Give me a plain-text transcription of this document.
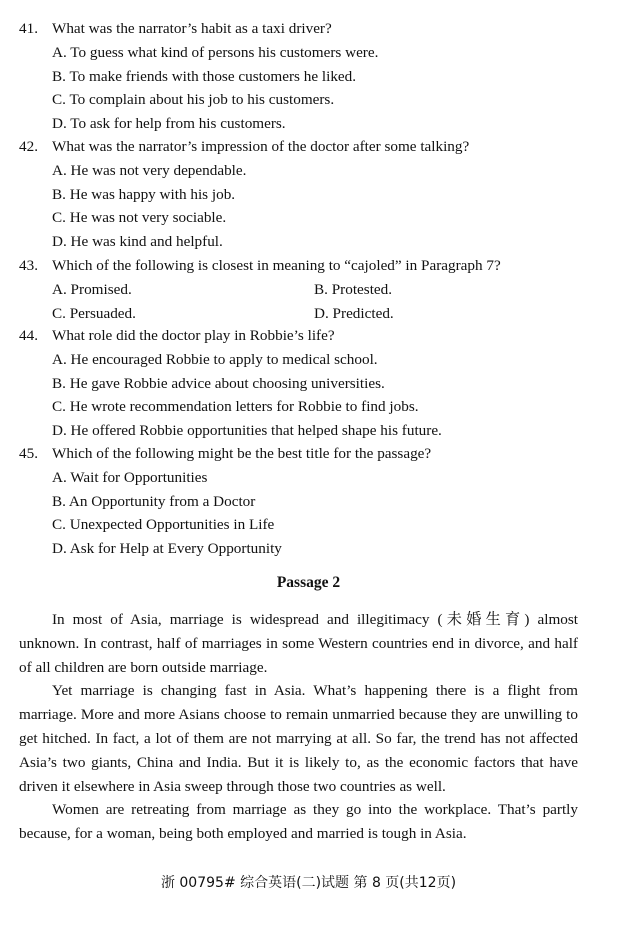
41. What was the narrator’s habit as a taxi driver?
A. To guess what kind of persons his customers were.
B. To make friends with those customers he liked.
C. To complain about his job to his customers.
D. To ask for help from his customers.
42. What was the narrator’s impression of the doctor after some talking?
A. He was not very dependable.
B. He was happy with his job.
C. He was not very sociable.
D. He was kind and helpful.
43. Which of the following is closest in meaning to “cajoled” in Paragraph 7?
A. Promised.	B. Protested.
C. Persuaded.	D. Predicted.
44. What role did the doctor play in Robbie’s life?
A. He encouraged Robbie to apply to medical school.
B. He gave Robbie advice about choosing universities.
C. He wrote recommendation letters for Robbie to find jobs.
D. He offered Robbie opportunities that helped shape his future.
45. Which of the following might be the best title for the passage?
A. Wait for Opportunities
B. An Opportunity from a Doctor
C. Unexpected Opportunities in Life
D. Ask for Help at Every Opportunity
Passage 2

In most of Asia, marriage is widespread and illegitimacy (未婚生育) almost unknown. In contrast, half of marriages in some Western countries end in divorce, and half of all children are born outside marriage.

Yet marriage is changing fast in Asia. What’s happening there is a flight from marriage. More and more Asians choose to remain unmarried because they are unwilling to get hitched. In fact, a lot of them are not marrying at all. So far, the trend has not affected Asia’s two giants, China and India. But it is likely to, as the economic factors that have driven it elsewhere in Asia sweep through those two countries as well.

Women are retreating from marriage as they go into the workplace. That’s partly because, for a woman, being both employed and married is tough in Asia.

浙 00795# 综合英语(二)试题 第 8 页(共12页)
